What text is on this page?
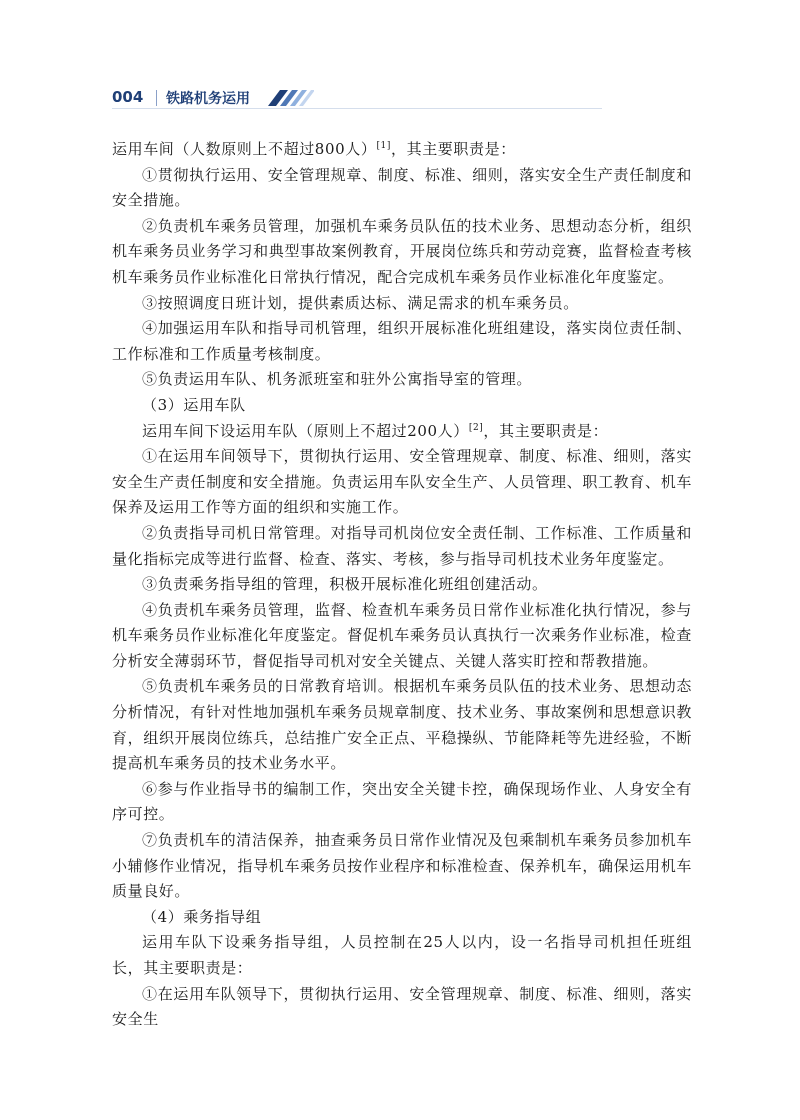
004 铁路机务运用

运用车间（人数原则上不超过800人）[1]，其主要职责是：

①贯彻执行运用、安全管理规章、制度、标准、细则，落实安全生产责任制度和安全措施。

②负责机车乘务员管理，加强机车乘务员队伍的技术业务、思想动态分析，组织机车乘务员业务学习和典型事故案例教育，开展岗位练兵和劳动竞赛，监督检查考核机车乘务员作业标准化日常执行情况，配合完成机车乘务员作业标准化年度鉴定。

③按照调度日班计划，提供素质达标、满足需求的机车乘务员。

④加强运用车队和指导司机管理，组织开展标准化班组建设，落实岗位责任制、工作标准和工作质量考核制度。

⑤负责运用车队、机务派班室和驻外公寓指导室的管理。

（3）运用车队

运用车间下设运用车队（原则上不超过200人）[2]，其主要职责是：

①在运用车间领导下，贯彻执行运用、安全管理规章、制度、标准、细则，落实安全生产责任制度和安全措施。负责运用车队安全生产、人员管理、职工教育、机车保养及运用工作等方面的组织和实施工作。

②负责指导司机日常管理。对指导司机岗位安全责任制、工作标准、工作质量和量化指标完成等进行监督、检查、落实、考核，参与指导司机技术业务年度鉴定。

③负责乘务指导组的管理，积极开展标准化班组创建活动。

④负责机车乘务员管理，监督、检查机车乘务员日常作业标准化执行情况，参与机车乘务员作业标准化年度鉴定。督促机车乘务员认真执行一次乘务作业标准，检查分析安全薄弱环节，督促指导司机对安全关键点、关键人落实盯控和帮教措施。

⑤负责机车乘务员的日常教育培训。根据机车乘务员队伍的技术业务、思想动态分析情况，有针对性地加强机车乘务员规章制度、技术业务、事故案例和思想意识教育，组织开展岗位练兵，总结推广安全正点、平稳操纵、节能降耗等先进经验，不断提高机车乘务员的技术业务水平。

⑥参与作业指导书的编制工作，突出安全关键卡控，确保现场作业、人身安全有序可控。

⑦负责机车的清洁保养，抽查乘务员日常作业情况及包乘制机车乘务员参加机车小辅修作业情况，指导机车乘务员按作业程序和标准检查、保养机车，确保运用机车质量良好。

（4）乘务指导组

运用车队下设乘务指导组，人员控制在25人以内，设一名指导司机担任班组长，其主要职责是：

①在运用车队领导下，贯彻执行运用、安全管理规章、制度、标准、细则，落实安全生
